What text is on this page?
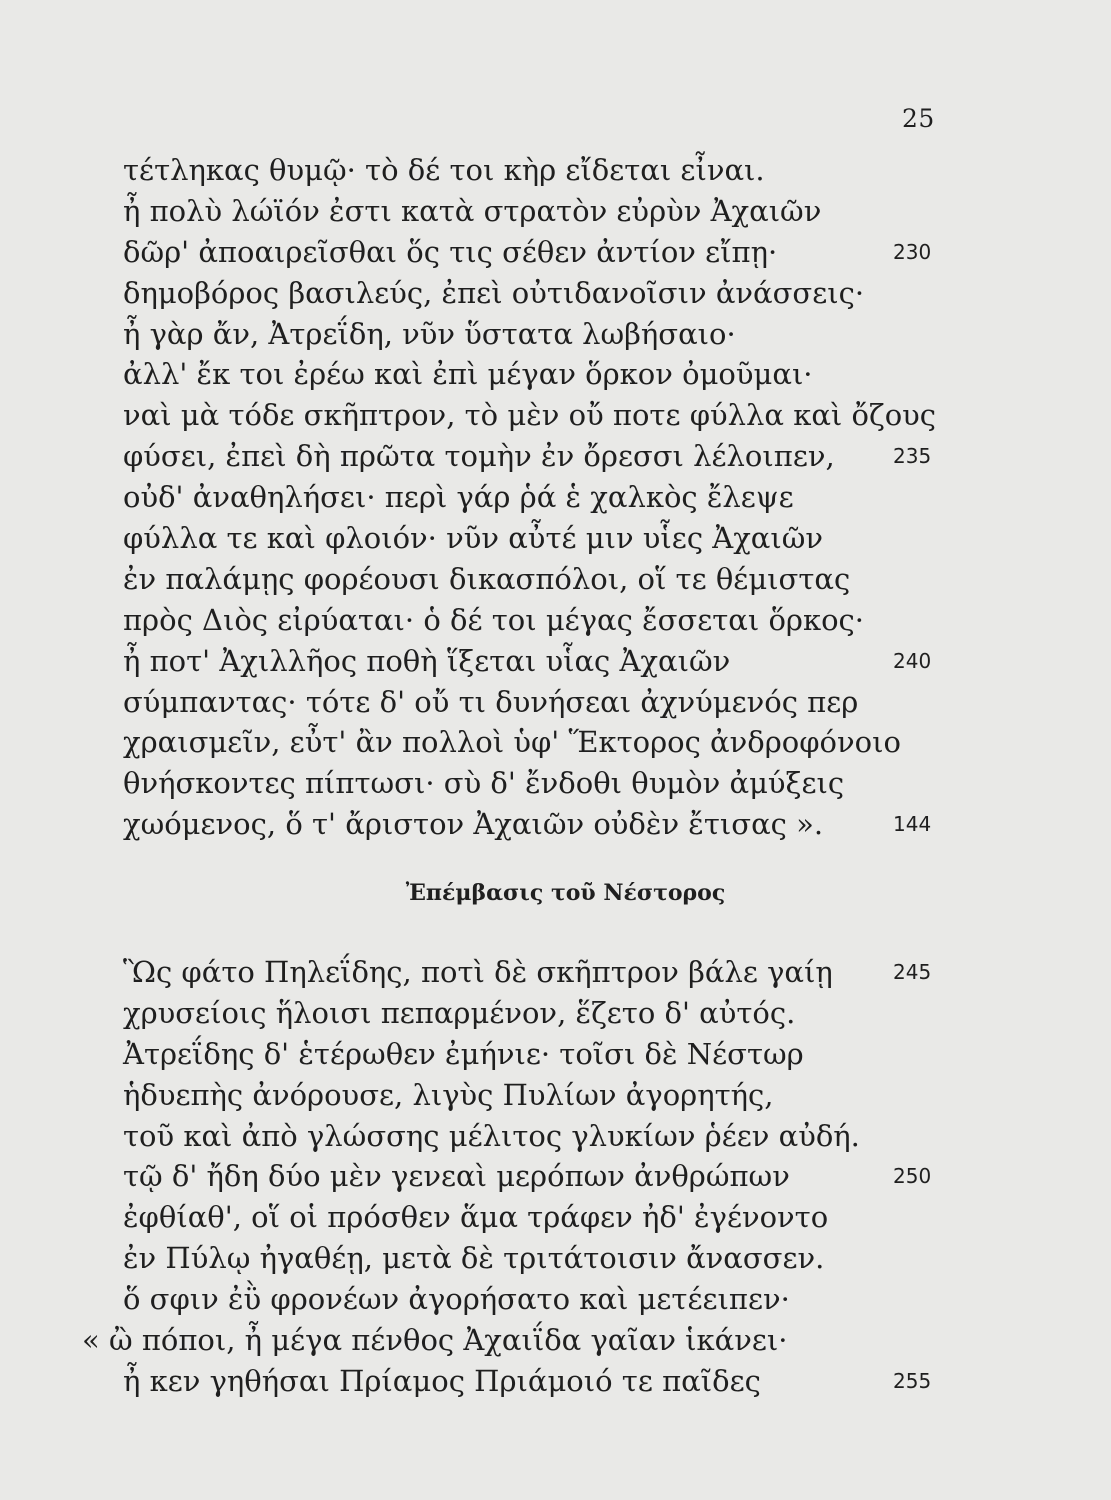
25
τέτληκας θυμῷ· τὸ δέ τοι κὴρ εἴδεται εἶναι.
ἦ πολὺ λώϊόν ἐστι κατὰ στρατὸν εὐρὺν Ἀχαιῶν
δῶρ' ἀποαιρεῖσθαι ὅς τις σέθεν ἀντίον εἴπῃ·	230
δημοβόρος βασιλεύς, ἐπεὶ οὐτιδανοῖσιν ἀνάσσεις·
ἦ γὰρ ἄν, Ἀτρεΐδη, νῦν ὕστατα λωβήσαιο·
ἀλλ' ἔκ τοι ἐρέω καὶ ἐπὶ μέγαν ὅρκον ὀμοῦμαι·
ναὶ μὰ τόδε σκῆπτρον, τὸ μὲν οὔ ποτε φύλλα καὶ ὄζους
φύσει, ἐπεὶ δὴ πρῶτα τομὴν ἐν ὄρεσσι λέλοιπεν,	235
οὐδ' ἀναθηλήσει· περὶ γάρ ῥά ἑ χαλκὸς ἔλεψε
φύλλα τε καὶ φλοιόν· νῦν αὖτέ μιν υἷες Ἀχαιῶν
ἐν παλάμῃς φορέουσι δικασπόλοι, οἵ τε θέμιστας
πρὸς Διὸς εἰρύαται· ὁ δέ τοι μέγας ἔσσεται ὅρκος·
ἦ ποτ' Ἀχιλλῆος ποθὴ ἵξεται υἷας Ἀχαιῶν	240
σύμπαντας· τότε δ' οὔ τι δυνήσεαι ἀχνύμενός περ
χραισμεῖν, εὖτ' ἂν πολλοὶ ὑφ' Ἕκτορος ἀνδροφόνοιο
θνήσκοντες πίπτωσι· σὺ δ' ἔνδοθι θυμὸν ἀμύξεις
χωόμενος, ὅ τ' ἄριστον Ἀχαιῶν οὐδὲν ἔτισας ».	144
Ἐπέμβασις τοῦ Νέστορος
Ὣς φάτο Πηλεΐδης, ποτὶ δὲ σκῆπτρον βάλε γαίῃ	245
χρυσείοις ἥλοισι πεπαρμένον, ἕζετο δ' αὐτός.
Ἀτρεΐδης δ' ἑτέρωθεν ἐμήνιε· τοῖσι δὲ Νέστωρ
ἡδυεπὴς ἀνόρουσε, λιγὺς Πυλίων ἀγορητής,
τοῦ καὶ ἀπὸ γλώσσης μέλιτος γλυκίων ῥέεν αὐδή.
τῷ δ' ἤδη δύο μὲν γενεαὶ μερόπων ἀνθρώπων	250
ἐφθίαθ', οἵ οἱ πρόσθεν ἅμα τράφεν ἠδ' ἐγένοντο
ἐν Πύλῳ ἠγαθέῃ, μετὰ δὲ τριτάτοισιν ἄνασσεν.
ὅ σφιν ἐῢ φρονέων ἀγορήσατο καὶ μετέειπεν·
« ὢ πόποι, ἦ μέγα πένθος Ἀχαιΐδα γαῖαν ἱκάνει·
ἦ κεν γηθήσαι Πρίαμος Πριάμοιό τε παῖδες	255
